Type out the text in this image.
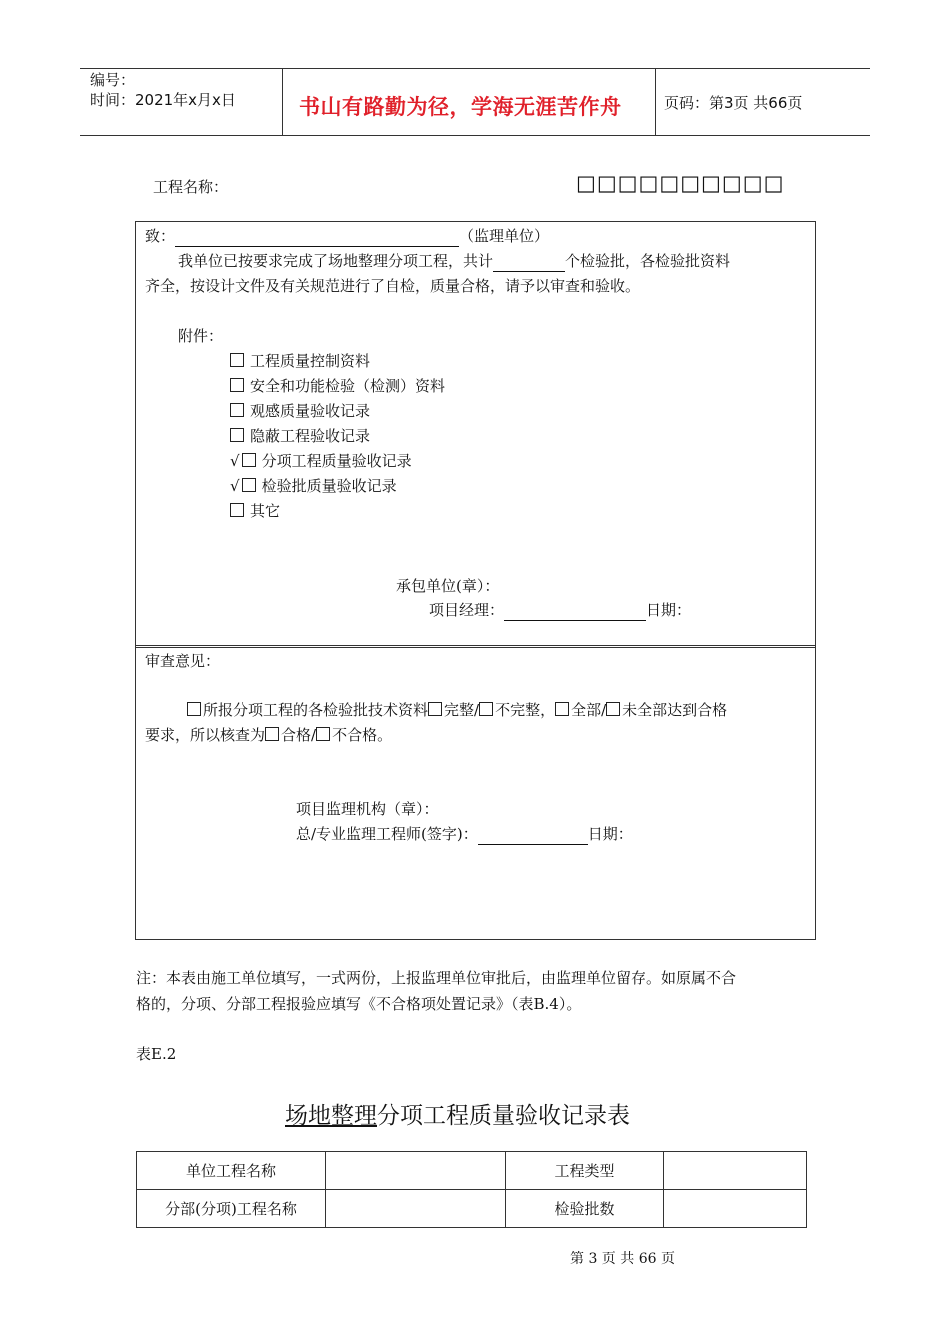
编号：
时间：2021年x月x日	书山有路勤为径，学海无涯苦作舟	页码：第3页 共66页
工程名称：	□□□□□□□□□□
致：	（监理单位）
我单位已按要求完成了场地整理分项工程，共计	个检验批，各检验批资料
齐全，按设计文件及有关规范进行了自检，质量合格，请予以审查和验收。
附件：
工程质量控制资料
安全和功能检验（检测）资料
观感质量验收记录
隐蔽工程验收记录
√ 分项工程质量验收记录
√ 检验批质量验收记录
其它
承包单位(章）：
项目经理：	日期：
审查意见：
所报分项工程的各检验批技术资料 完整/ 不完整， 全部/ 未全部达到合格
要求，所以核查为 合格/ 不合格。
项目监理机构（章）：
总/专业监理工程师(签字)：	日期：
注：本表由施工单位填写，一式两份，上报监理单位审批后，由监理单位留存。如原属不合
格的，分项、分部工程报验应填写《不合格项处置记录》（表B.4）。
表E.2
场地整理分项工程质量验收记录表
单位工程名称		工程类型	
分部(分项)工程名称		检验批数	
第 3 页 共 66 页
